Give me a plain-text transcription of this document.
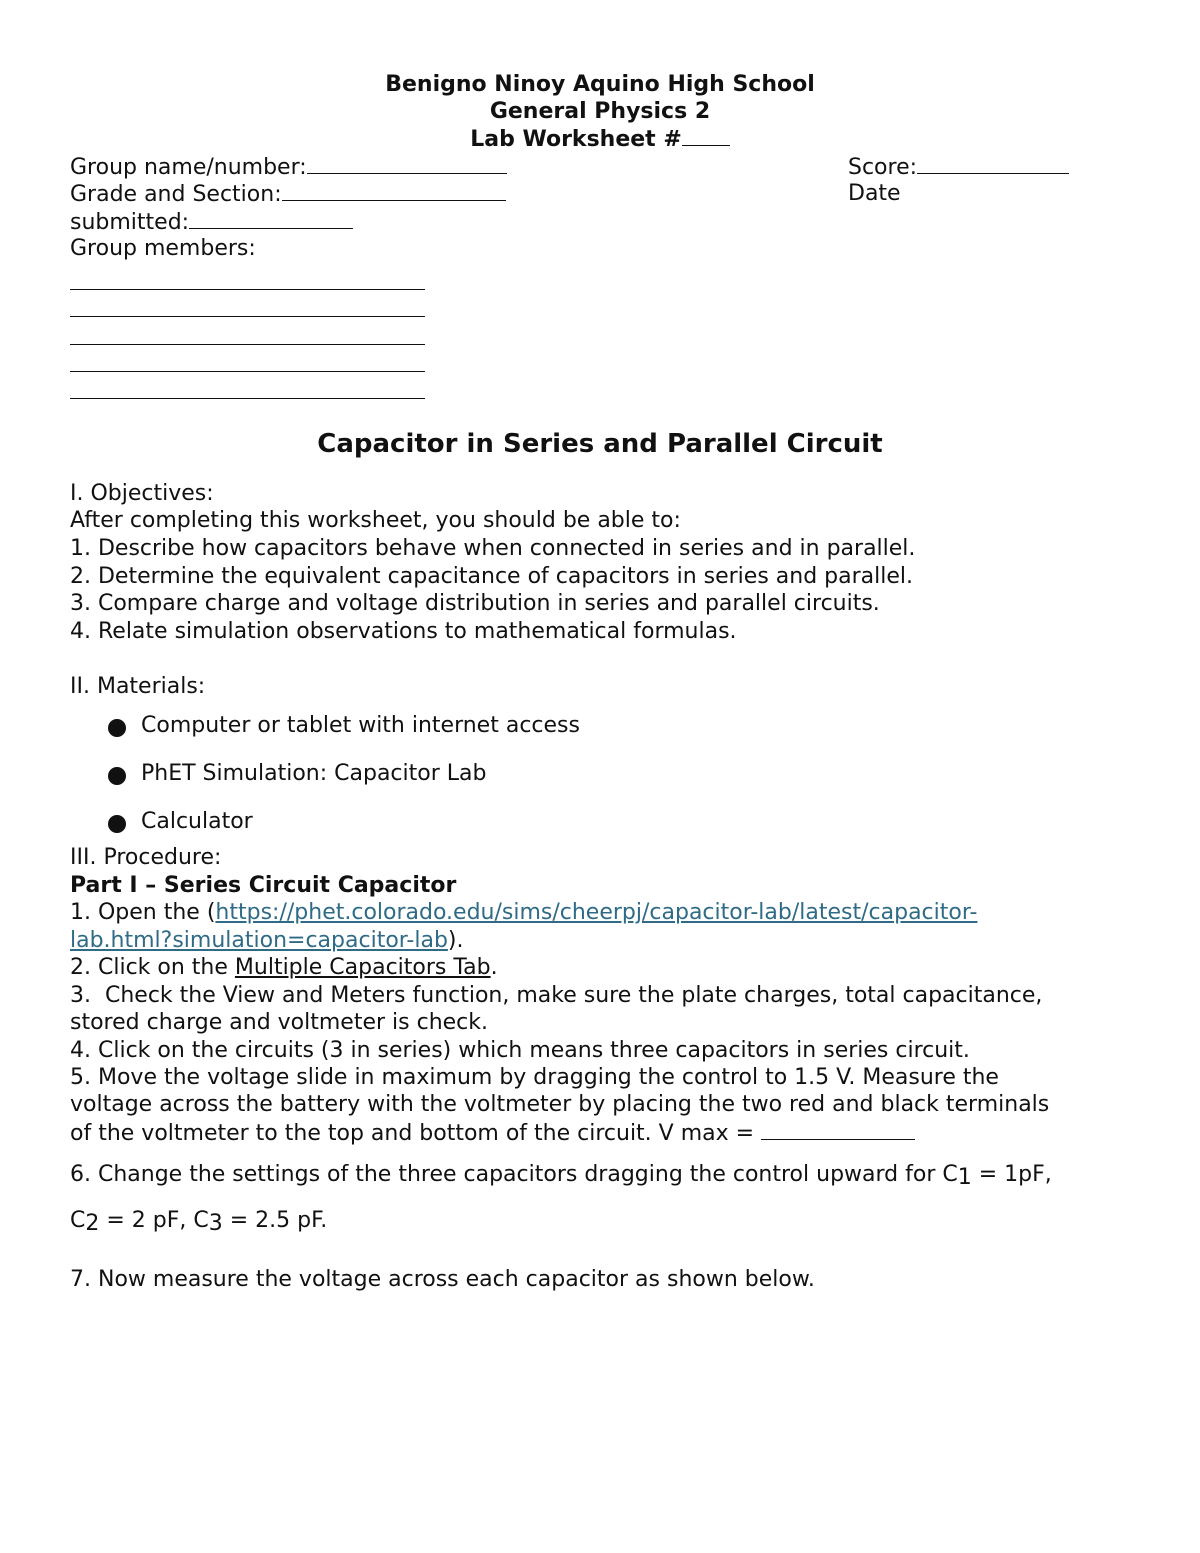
Benigno Ninoy Aquino High School
General Physics 2
Lab Worksheet #
Group name/number:	Score:
Grade and Section:	Date
submitted:
Group members:
Capacitor in Series and Parallel Circuit
I. Objectives:
After completing this worksheet, you should be able to:
1. Describe how capacitors behave when connected in series and in parallel.
2. Determine the equivalent capacitance of capacitors in series and parallel.
3. Compare charge and voltage distribution in series and parallel circuits.
4. Relate simulation observations to mathematical formulas.
II. Materials:
Computer or tablet with internet access
PhET Simulation: Capacitor Lab
Calculator
III. Procedure:
Part I – Series Circuit Capacitor
1. Open the (https://phet.colorado.edu/sims/cheerpj/capacitor-lab/latest/capacitor-
lab.html?simulation=capacitor-lab).
2. Click on the Multiple Capacitors Tab.
3.  Check the View and Meters function, make sure the plate charges, total capacitance,
stored charge and voltmeter is check.
4. Click on the circuits (3 in series) which means three capacitors in series circuit.
5. Move the voltage slide in maximum by dragging the control to 1.5 V. Measure the
voltage across the battery with the voltmeter by placing the two red and black terminals
of the voltmeter to the top and bottom of the circuit. V max =
6. Change the settings of the three capacitors dragging the control upward for C1 = 1pF,
C2 = 2 pF, C3 = 2.5 pF.
7. Now measure the voltage across each capacitor as shown below.
